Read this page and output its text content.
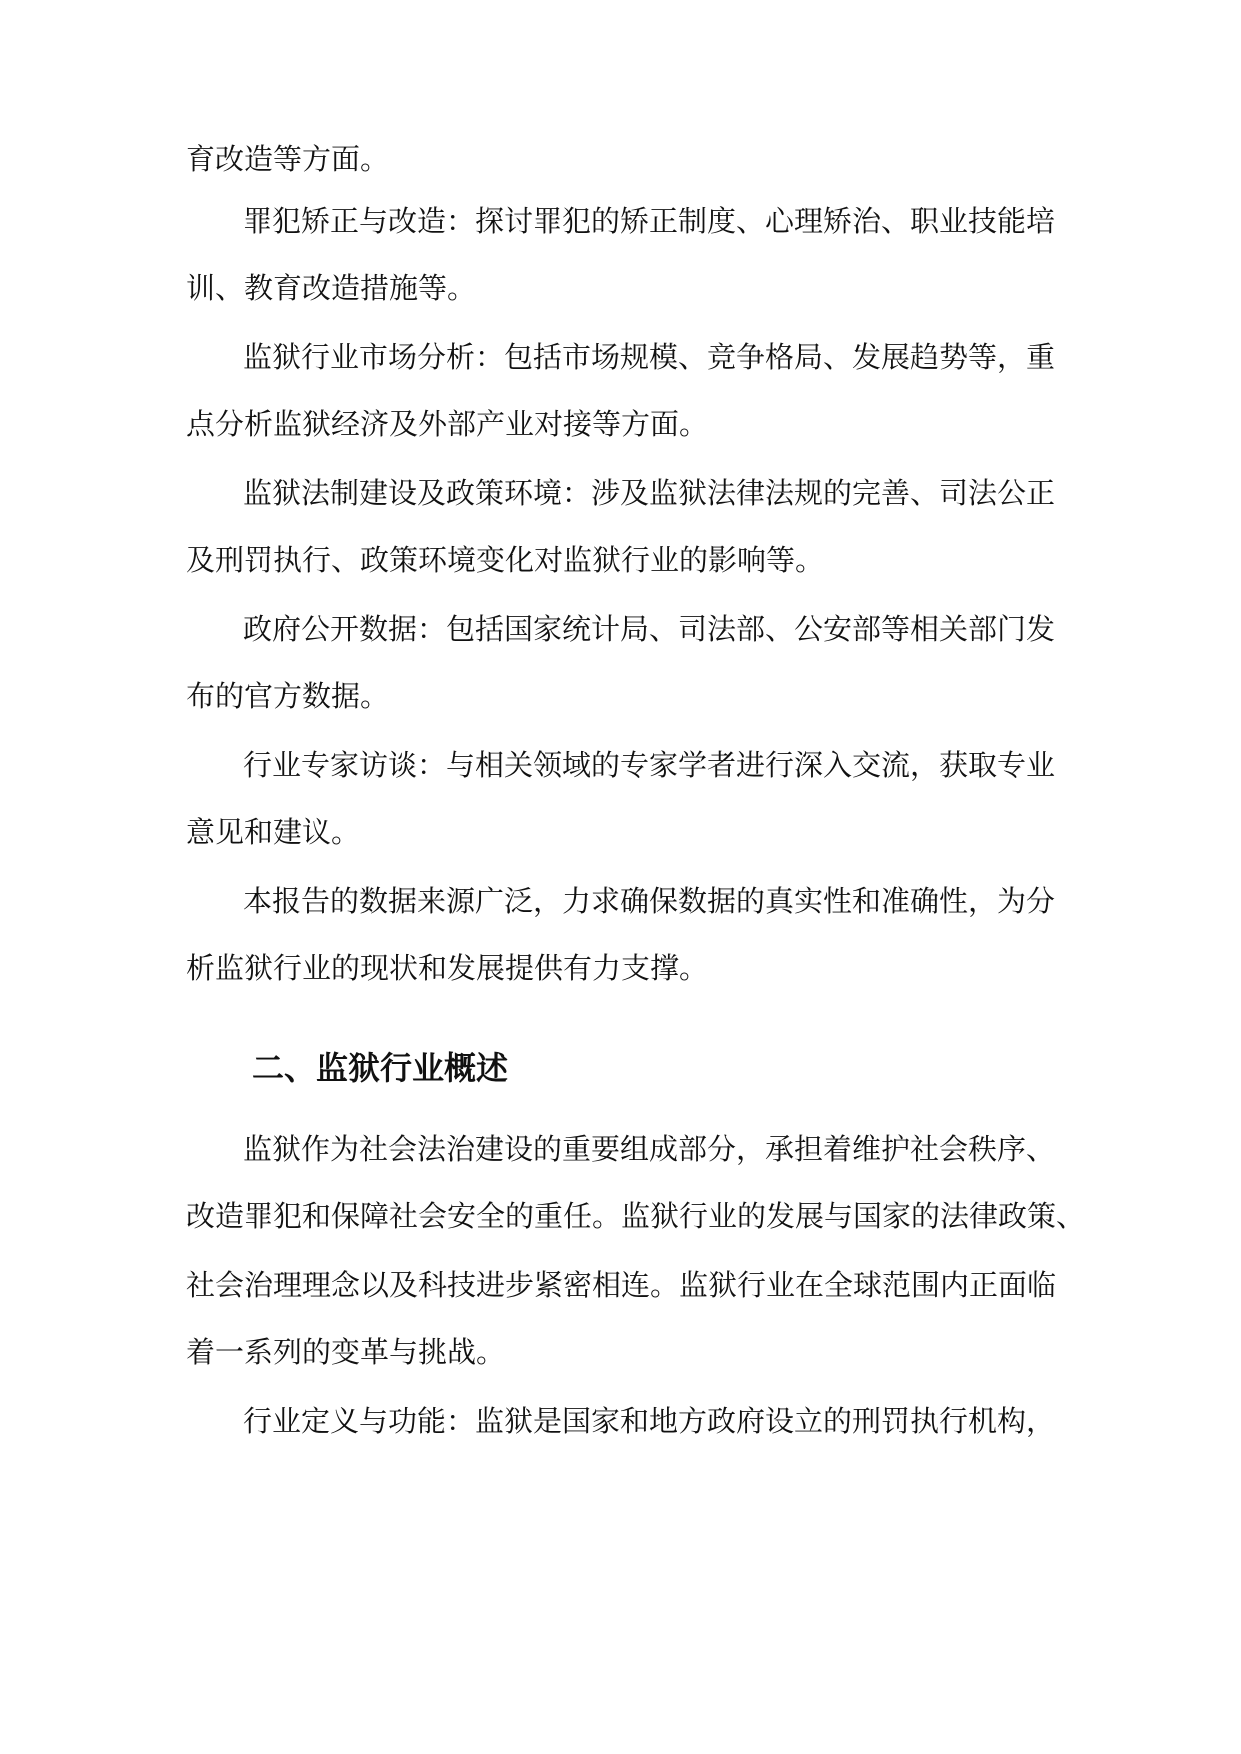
育改造等方面。

罪犯矫正与改造：探讨罪犯的矫正制度、心理矫治、职业技能培

训、教育改造措施等。

监狱行业市场分析：包括市场规模、竞争格局、发展趋势等，重

点分析监狱经济及外部产业对接等方面。

监狱法制建设及政策环境：涉及监狱法律法规的完善、司法公正

及刑罚执行、政策环境变化对监狱行业的影响等。

政府公开数据：包括国家统计局、司法部、公安部等相关部门发

布的官方数据。

行业专家访谈：与相关领域的专家学者进行深入交流，获取专业

意见和建议。

本报告的数据来源广泛，力求确保数据的真实性和准确性，为分

析监狱行业的现状和发展提供有力支撑。

二、监狱行业概述

监狱作为社会法治建设的重要组成部分，承担着维护社会秩序、

改造罪犯和保障社会安全的重任。监狱行业的发展与国家的法律政策、

社会治理理念以及科技进步紧密相连。监狱行业在全球范围内正面临

着一系列的变革与挑战。

行业定义与功能：监狱是国家和地方政府设立的刑罚执行机构，
